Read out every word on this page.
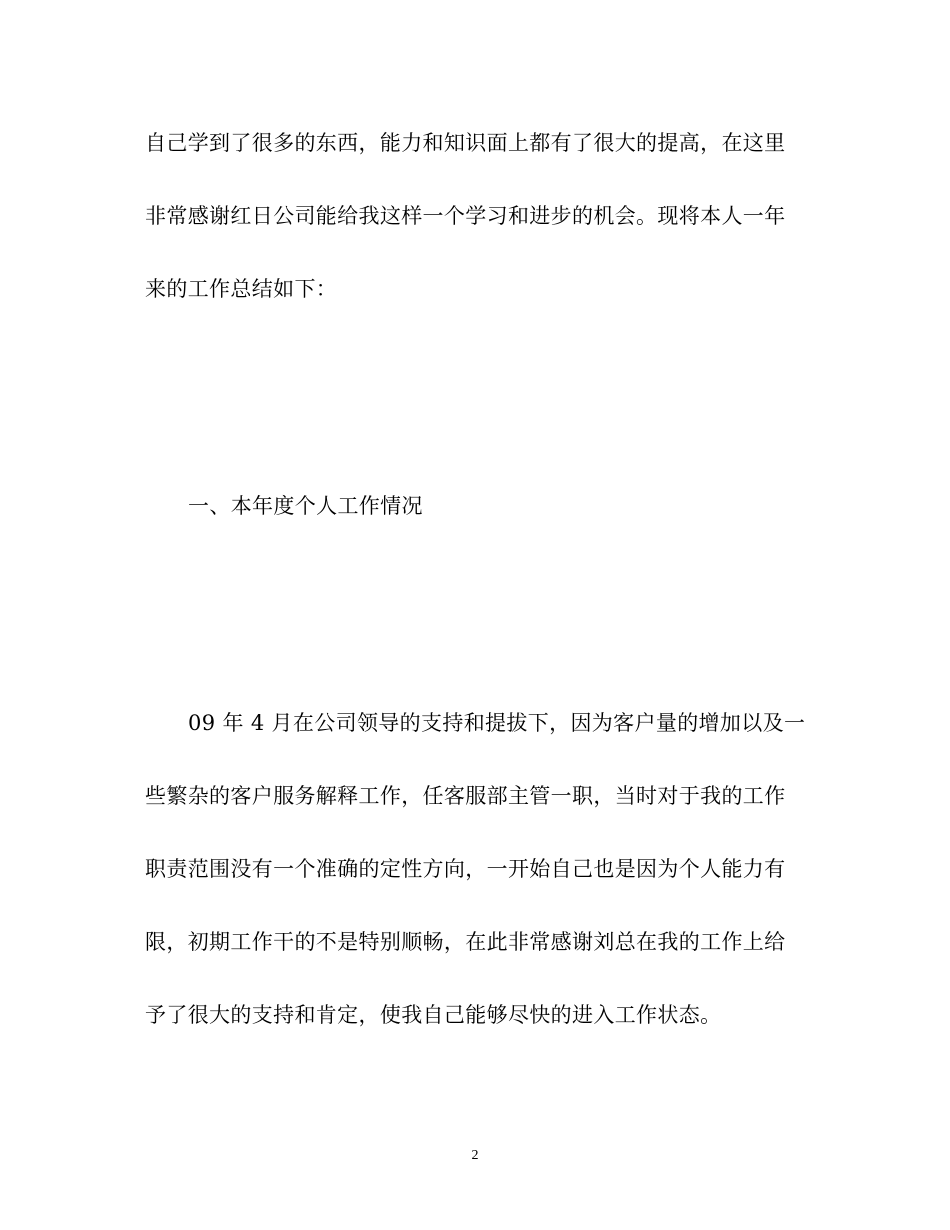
自己学到了很多的东西，能力和知识面上都有了很大的提高，在这里
非常感谢红日公司能给我这样一个学习和进步的机会。现将本人一年
来的工作总结如下：
一、本年度个人工作情况
09 年 4 月在公司领导的支持和提拔下，因为客户量的增加以及一
些繁杂的客户服务解释工作，任客服部主管一职，当时对于我的工作
职责范围没有一个准确的定性方向，一开始自己也是因为个人能力有
限，初期工作干的不是特别顺畅，在此非常感谢刘总在我的工作上给
予了很大的支持和肯定，使我自己能够尽快的进入工作状态。
2
